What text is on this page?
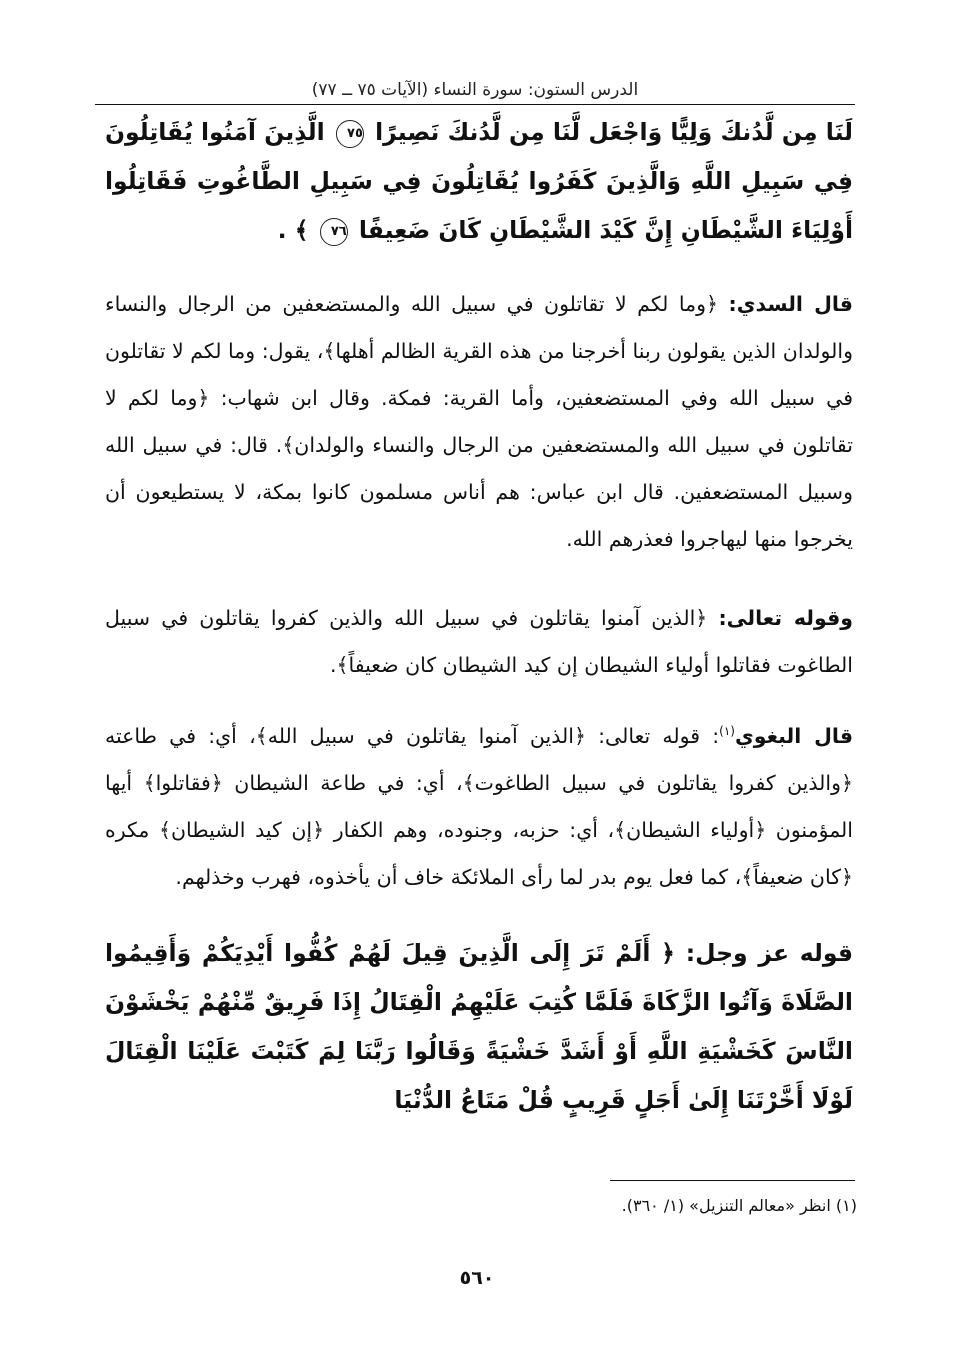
الدرس الستون: سورة النساء (الآيات ٧٥ ــ ٧٧)

لَنَا مِن لَّدُنكَ وَلِيًّا وَاجْعَل لَّنَا مِن لَّدُنكَ نَصِيرًا ٧٥ الَّذِينَ آمَنُوا يُقَاتِلُونَ فِي سَبِيلِ اللَّهِ وَالَّذِينَ كَفَرُوا يُقَاتِلُونَ فِي سَبِيلِ الطَّاغُوتِ فَقَاتِلُوا أَوْلِيَاءَ الشَّيْطَانِ إِنَّ كَيْدَ الشَّيْطَانِ كَانَ ضَعِيفًا ٧٦ ﴾ .

قال السدي: ﴿وما لكم لا تقاتلون في سبيل الله والمستضعفين من الرجال والنساء والولدان الذين يقولون ربنا أخرجنا من هذه القرية الظالم أهلها﴾، يقول: وما لكم لا تقاتلون في سبيل الله وفي المستضعفين، وأما القرية: فمكة. وقال ابن شهاب: ﴿وما لكم لا تقاتلون في سبيل الله والمستضعفين من الرجال والنساء والولدان﴾. قال: في سبيل الله وسبيل المستضعفين. قال ابن عباس: هم أناس مسلمون كانوا بمكة، لا يستطيعون أن يخرجوا منها ليهاجروا فعذرهم الله.

وقوله تعالى: ﴿الذين آمنوا يقاتلون في سبيل الله والذين كفروا يقاتلون في سبيل الطاغوت فقاتلوا أولياء الشيطان إن كيد الشيطان كان ضعيفاً﴾.

قال البغوي$^{(١)}$: قوله تعالى: ﴿الذين آمنوا يقاتلون في سبيل الله﴾، أي: في طاعته ﴿والذين كفروا يقاتلون في سبيل الطاغوت﴾، أي: في طاعة الشيطان ﴿فقاتلوا﴾ أيها المؤمنون ﴿أولياء الشيطان﴾، أي: حزبه، وجنوده، وهم الكفار ﴿إن كيد الشيطان﴾ مكره ﴿كان ضعيفاً﴾، كما فعل يوم بدر لما رأى الملائكة خاف أن يأخذوه، فهرب وخذلهم.

قوله عز وجل: ﴿ أَلَمْ تَرَ إِلَى الَّذِينَ قِيلَ لَهُمْ كُفُّوا أَيْدِيَكُمْ وَأَقِيمُوا الصَّلَاةَ وَآتُوا الزَّكَاةَ فَلَمَّا كُتِبَ عَلَيْهِمُ الْقِتَالُ إِذَا فَرِيقٌ مِّنْهُمْ يَخْشَوْنَ النَّاسَ كَخَشْيَةِ اللَّهِ أَوْ أَشَدَّ خَشْيَةً وَقَالُوا رَبَّنَا لِمَ كَتَبْتَ عَلَيْنَا الْقِتَالَ لَوْلَا أَخَّرْتَنَا إِلَىٰ أَجَلٍ قَرِيبٍ قُلْ مَتَاعُ الدُّنْيَا

(١) انظر «معالم التنزيل» (١/ ٣٦٠).
٥٦٠
